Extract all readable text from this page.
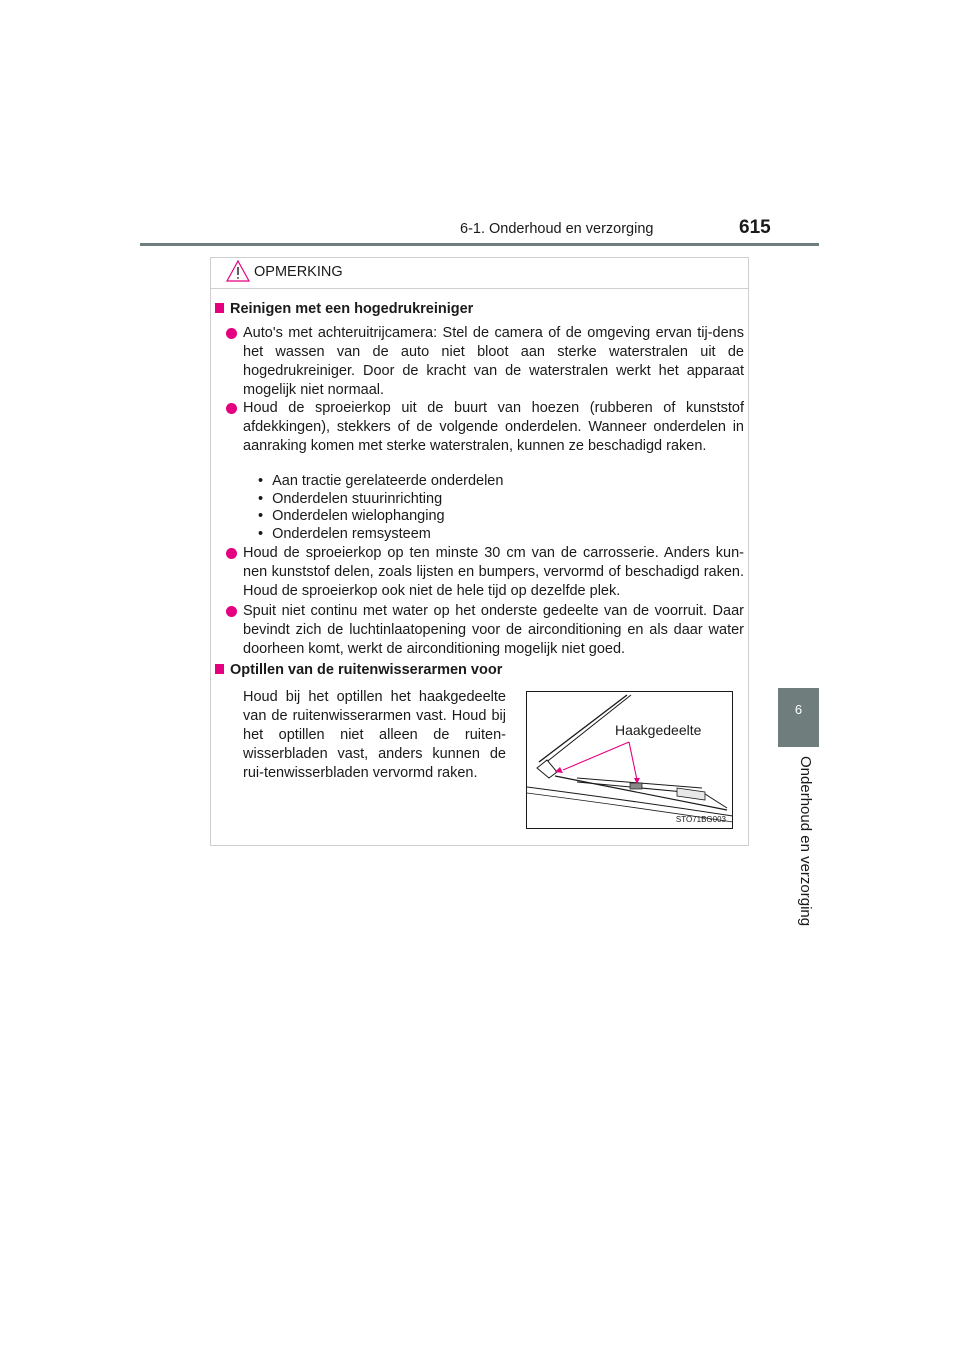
6-1. Onderhoud en verzorging	615
6
Onderhoud en verzorging
OPMERKING
Reinigen met een hogedrukreiniger
Auto's met achteruitrijcamera: Stel de camera of de omgeving ervan tij-dens het wassen van de auto niet bloot aan sterke waterstralen uit de hogedrukreiniger. Door de kracht van de waterstralen werkt het apparaat mogelijk niet normaal.
Houd de sproeierkop uit de buurt van hoezen (rubberen of kunststof afdekkingen), stekkers of de volgende onderdelen. Wanneer onderdelen in aanraking komen met sterke waterstralen, kunnen ze beschadigd raken.
• Aan tractie gerelateerde onderdelen
• Onderdelen stuurinrichting
• Onderdelen wielophanging
• Onderdelen remsysteem
Houd de sproeierkop op ten minste 30 cm van de carrosserie. Anders kun-nen kunststof delen, zoals lijsten en bumpers, vervormd of beschadigd raken. Houd de sproeierkop ook niet de hele tijd op dezelfde plek.
Spuit niet continu met water op het onderste gedeelte van de voorruit. Daar bevindt zich de luchtinlaatopening voor de airconditioning en als daar water doorheen komt, werkt de airconditioning mogelijk niet goed.
Optillen van de ruitenwisserarmen voor
Houd bij het optillen het haakgedeelte van de ruitenwisserarmen vast. Houd bij het optillen niet alleen de ruiten-wisserbladen vast, anders kunnen de rui-tenwisserbladen vervormd raken.
Haakgedeelte
STO71BG003
